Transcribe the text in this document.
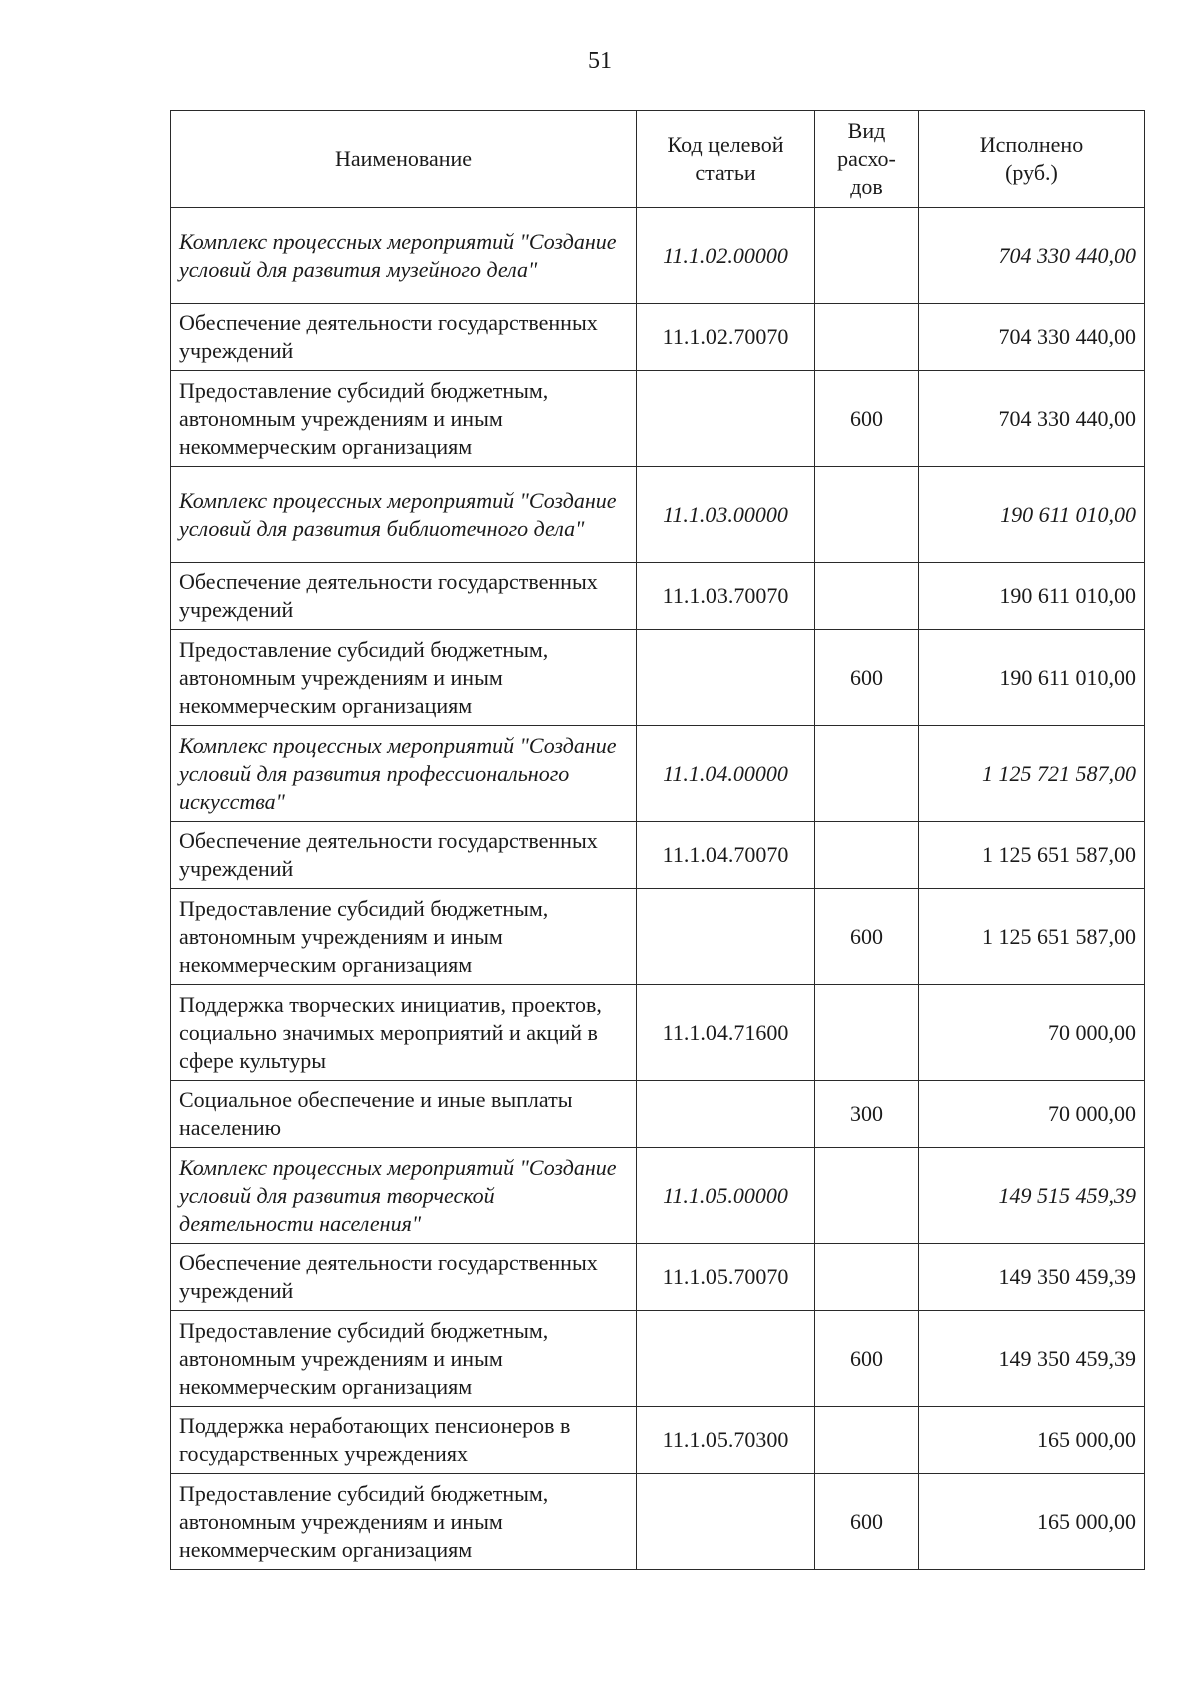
51
Наименование	Код целевой статьи	Вид расхо-дов	Исполнено (руб.)

Комплекс процессных мероприятий "Создание условий для развития музейного дела"	11.1.02.00000		704 330 440,00
Обеспечение деятельности государственных учреждений	11.1.02.70070		704 330 440,00
Предоставление субсидий бюджетным, автономным учреждениям и иным некоммерческим организациям		600	704 330 440,00
Комплекс процессных мероприятий "Создание условий для развития библиотечного дела"	11.1.03.00000		190 611 010,00
Обеспечение деятельности государственных учреждений	11.1.03.70070		190 611 010,00
Предоставление субсидий бюджетным, автономным учреждениям и иным некоммерческим организациям		600	190 611 010,00
Комплекс процессных мероприятий "Создание условий для развития профессионального искусства"	11.1.04.00000		1 125 721 587,00
Обеспечение деятельности государственных учреждений	11.1.04.70070		1 125 651 587,00
Предоставление субсидий бюджетным, автономным учреждениям и иным некоммерческим организациям		600	1 125 651 587,00
Поддержка творческих инициатив, проектов, социально значимых мероприятий и акций в сфере культуры	11.1.04.71600		70 000,00
Социальное обеспечение и иные выплаты населению		300	70 000,00
Комплекс процессных мероприятий "Создание условий для развития творческой деятельности населения"	11.1.05.00000		149 515 459,39
Обеспечение деятельности государственных учреждений	11.1.05.70070		149 350 459,39
Предоставление субсидий бюджетным, автономным учреждениям и иным некоммерческим организациям		600	149 350 459,39
Поддержка неработающих пенсионеров в государственных учреждениях	11.1.05.70300		165 000,00
Предоставление субсидий бюджетным, автономным учреждениям и иным некоммерческим организациям		600	165 000,00
